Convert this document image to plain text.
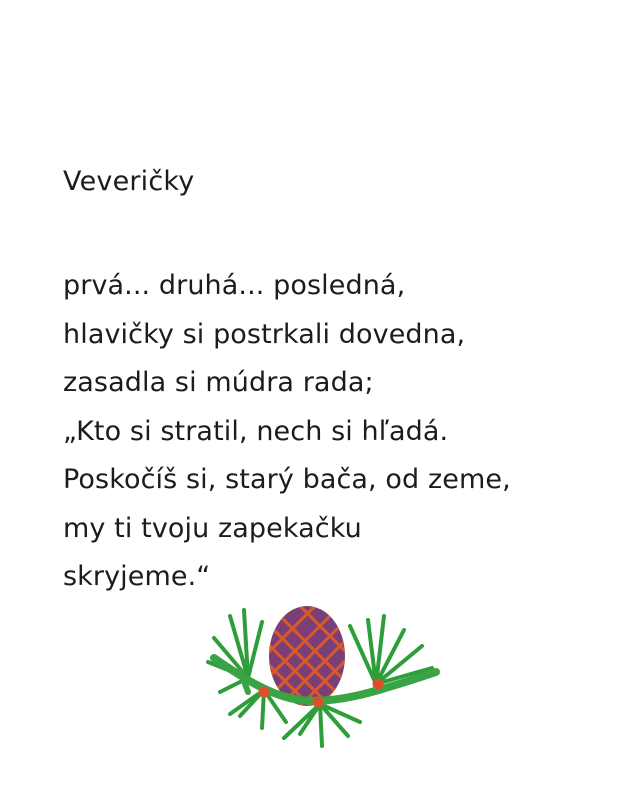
Veveričky
prvá... druhá... posledná,
hlavičky si postrkali dovedna,
zasadla si múdra rada;
„Kto si stratil, nech si hľadá.
Poskočíš si, starý bača, od zeme,
my ti tvoju zapekačku
skryjeme.“
